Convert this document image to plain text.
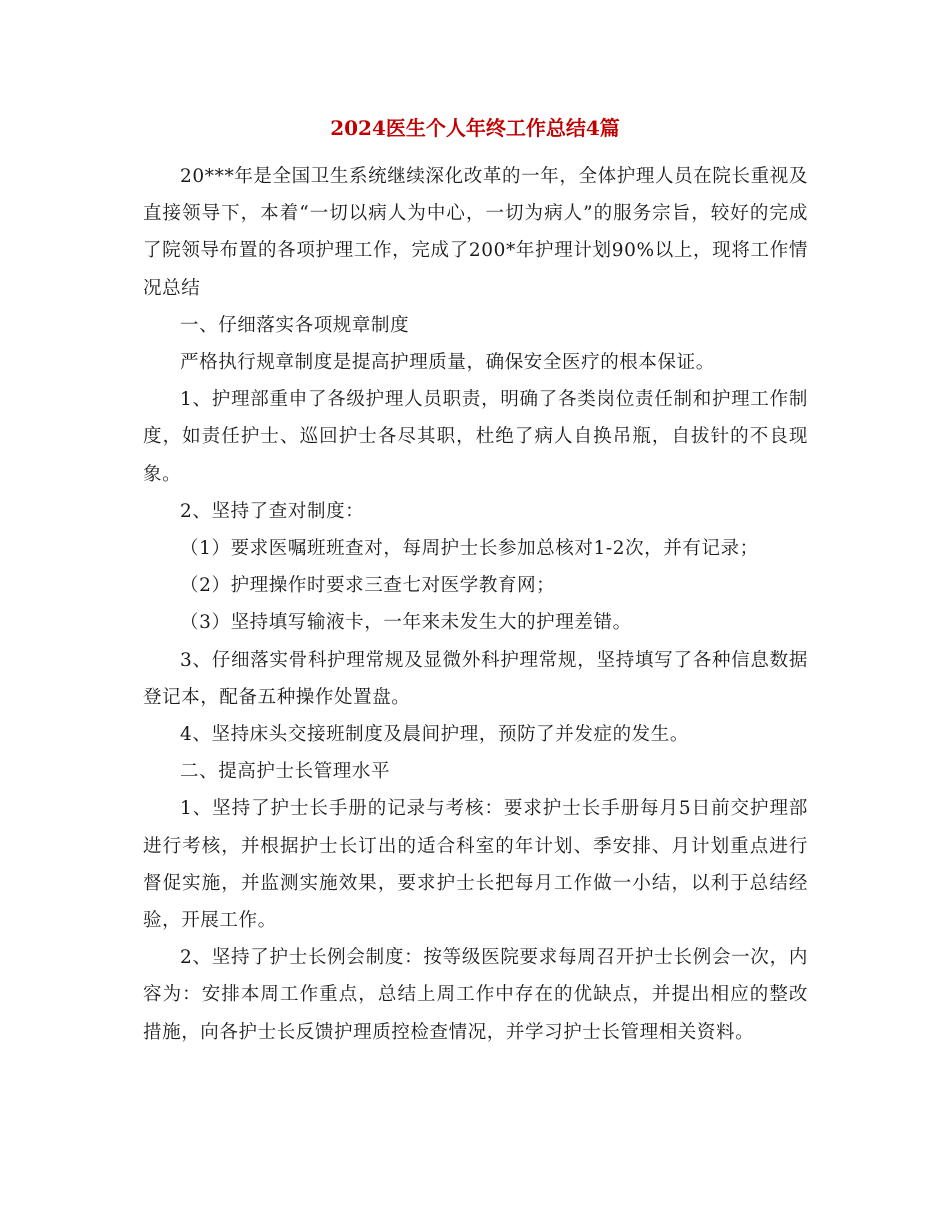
2024医生个人年终工作总结4篇

20***年是全国卫生系统继续深化改革的一年，全体护理人员在院长重视及直接领导下，本着“一切以病人为中心，一切为病人”的服务宗旨，较好的完成了院领导布置的各项护理工作，完成了200*年护理计划90%以上，现将工作情况总结

一、仔细落实各项规章制度

严格执行规章制度是提高护理质量，确保安全医疗的根本保证。

1、护理部重申了各级护理人员职责，明确了各类岗位责任制和护理工作制度，如责任护士、巡回护士各尽其职，杜绝了病人自换吊瓶，自拔针的不良现象。

2、坚持了查对制度：

（1）要求医嘱班班查对，每周护士长参加总核对1-2次，并有记录；

（2）护理操作时要求三查七对医学教育网；

（3）坚持填写输液卡，一年来未发生大的护理差错。

3、仔细落实骨科护理常规及显微外科护理常规，坚持填写了各种信息数据登记本，配备五种操作处置盘。

4、坚持床头交接班制度及晨间护理，预防了并发症的发生。

二、提高护士长管理水平

1、坚持了护士长手册的记录与考核：要求护士长手册每月5日前交护理部进行考核，并根据护士长订出的适合科室的年计划、季安排、月计划重点进行督促实施，并监测实施效果，要求护士长把每月工作做一小结，以利于总结经验，开展工作。

2、坚持了护士长例会制度：按等级医院要求每周召开护士长例会一次，内容为：安排本周工作重点，总结上周工作中存在的优缺点，并提出相应的整改措施，向各护士长反馈护理质控检查情况，并学习护士长管理相关资料。
